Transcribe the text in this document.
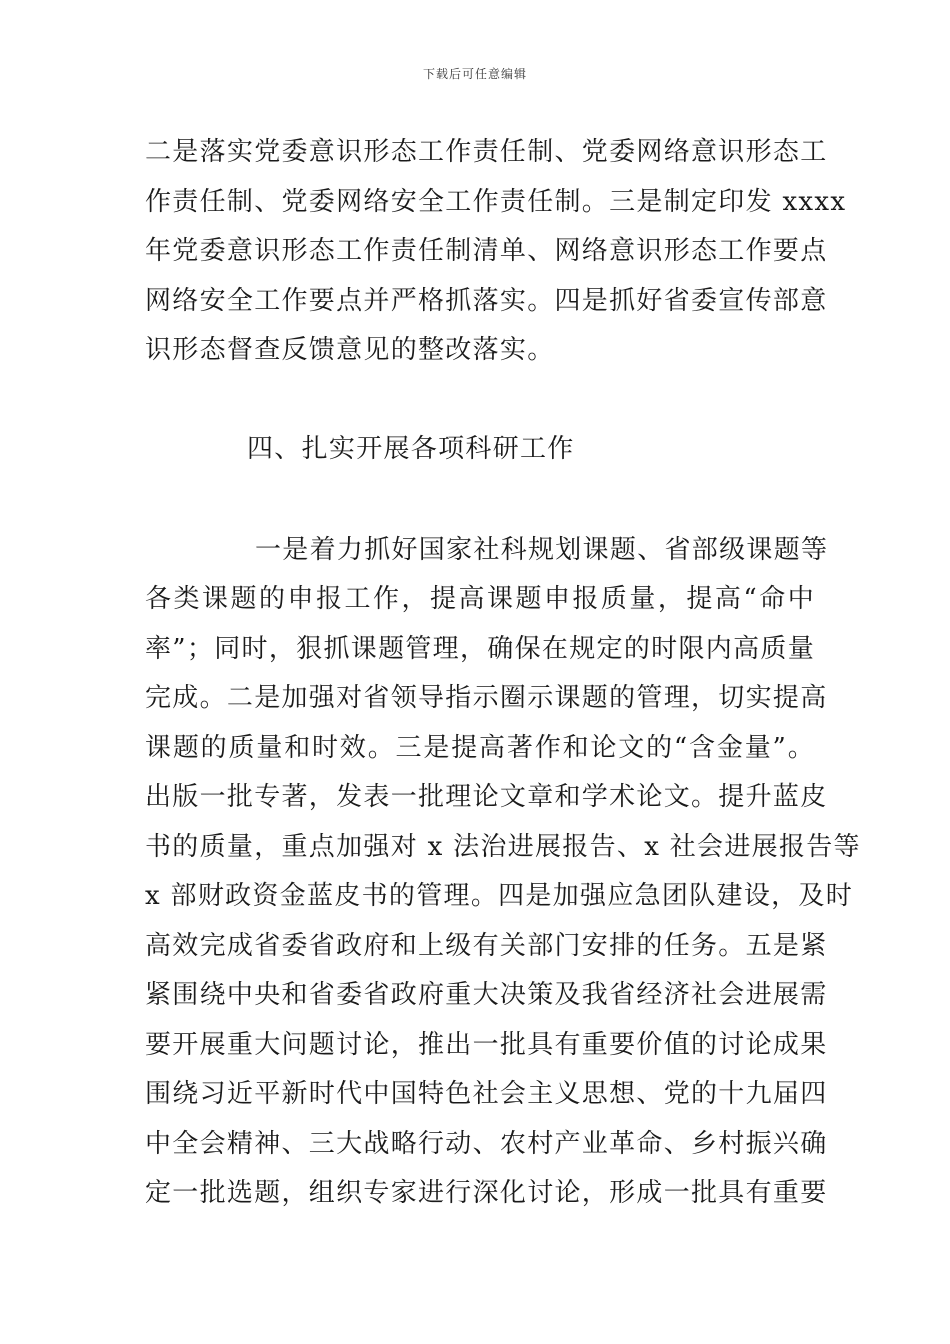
下载后可任意编辑
二是落实党委意识形态工作责任制、党委网络意识形态工
作责任制、党委网络安全工作责任制。三是制定印发 xxxx
年党委意识形态工作责任制清单、网络意识形态工作要点
网络安全工作要点并严格抓落实。四是抓好省委宣传部意
识形态督查反馈意见的整改落实。
四、扎实开展各项科研工作
一是着力抓好国家社科规划课题、省部级课题等
各类课题的申报工作，提高课题申报质量，提高“命中
率”；同时，狠抓课题管理，确保在规定的时限内高质量
完成。二是加强对省领导指示圈示课题的管理，切实提高
课题的质量和时效。三是提高著作和论文的“含金量”。
出版一批专著，发表一批理论文章和学术论文。提升蓝皮
书的质量，重点加强对 x 法治进展报告、x 社会进展报告等
x 部财政资金蓝皮书的管理。四是加强应急团队建设，及时
高效完成省委省政府和上级有关部门安排的任务。五是紧
紧围绕中央和省委省政府重大决策及我省经济社会进展需
要开展重大问题讨论，推出一批具有重要价值的讨论成果
围绕习近平新时代中国特色社会主义思想、党的十九届四
中全会精神、三大战略行动、农村产业革命、乡村振兴确
定一批选题，组织专家进行深化讨论，形成一批具有重要
